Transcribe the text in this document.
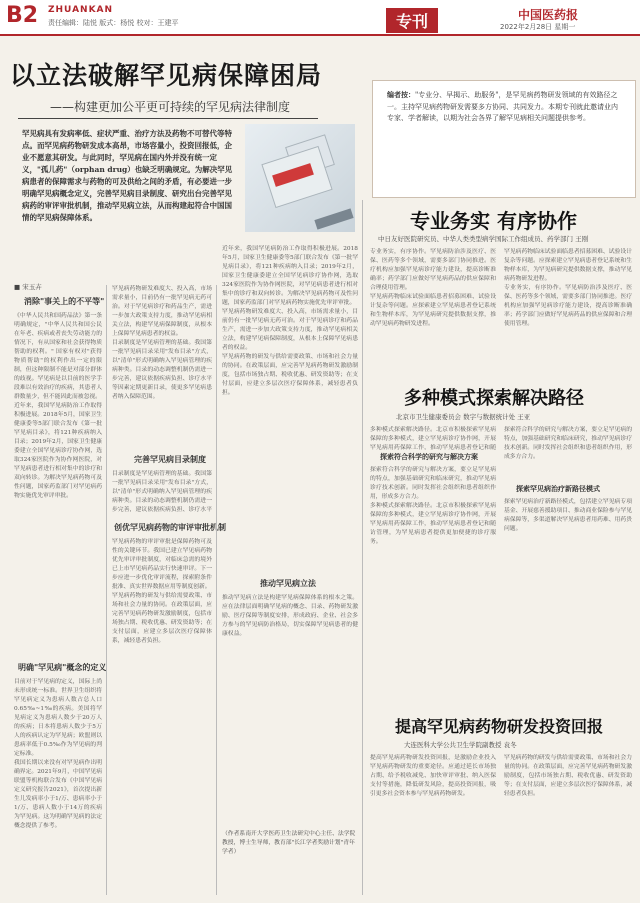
B2 ZHUANKAN
责任编辑：陆悦 版式：杨悦 校对：王建平	专刊	中国医药报
2022年2月28日 星期一
以立法破解罕见病保障困局
——构建更加公平更可持续的罕见病法律制度
罕见病具有发病率低、症状严重、治疗方法及药物不可替代等特点。而罕见病药物研发成本高昂，市场容量小，投资回报低，企业不愿意其研发。与此同时，罕见病在国内外并没有统一定义，"孤儿药"（orphan drug）也缺乏明确规定。为解决罕见病患者的保障需求与药物的可及供给之间的矛盾，有必要进一步明确罕见病概念定义，完善罕见病目录制度、研究出台完善罕见病药的审评审批机制，推动罕见病立法，从而构建起符合中国国情的罕见病保障体系。
编者按："专业分、早揭示、助服务"，是罕见病药物研发领域的有效路径之一。主持罕见病药物研发需要多方协同、共同发力。本期专刊就此邀请业内专家、学者解读，以期为社会各界了解罕见病相关问题提供参考。
■ 宋玉卉
消除"事关上的不平等"
《中华人民共和国药品法》第一条明确规定，"中华人民共和国公民在年老、疾病或者丧失劳动能力的情况下，有从国家和社会获得物质帮助的权利。" 国家有权对"获得物质帮助"的权利作出一定的限制，但这种限制不能是对部分群体的歧视。罕见病是以目前的医学手段难以有效治疗的疾病，其患者人群数量少，但不能因此而被忽视。
近年来，我国罕见病防治工作取得积极进展。2018年5月，国家卫生健康委等5部门联合发布《第一批罕见病目录》，将121种疾病纳入目录；2019年2月，国家卫生健康委建立全国罕见病诊疗协作网，选取324家医院作为协作网医院，对罕见病患者进行相对集中的诊疗和双向转诊。为解决罕见病药物可及性问题，国家药监部门对罕见病药物实施优先审评审批。
明确"罕见病"概念的定义
目前对于罕见病的定义，国际上尚未形成统一标准。世界卫生组织将罕见病定义为患病人数占总人口0.65‰~1‰的疾病。美国将罕见病定义为患病人数少于20万人的疾病；日本将患病人数少于5万人的疾病认定为罕见病；欧盟则以患病率低于0.5‰作为罕见病的判定标准。
我国长期以来没有对罕见病作出明确界定。2021年9月，中国罕见病联盟等机构联合发布《中国罕见病定义研究报告2021》，首次提出新生儿发病率小于1/万、患病率小于1/万、患病人数小于14万的疾病为罕见病。这为明确罕见病的法定概念提供了参考。
罕见病药物研发难度大、投入高，市场需求量小，目前仍有一批罕见病无药可治。对于罕见病诊疗和药品生产，需进一步加大政策支持力度，推动罕见病相关立法，构建罕见病保障制度，从根本上保障罕见病患者的权益。
目录制度是罕见病管理的基础。我国第一批罕见病目录采用"发布目录"方式，以"清单"形式明确纳入罕见病管理的疾病种类。目录的动态调整机制仍需进一步完善，建议依据疾病负担、诊疗水平等因素定期更新目录，使更多罕见病患者纳入保障范围。
完善罕见病目录制度
目录制度是罕见病管理的基础。我国第一批罕见病目录采用"发布目录"方式，以"清单"形式明确纳入罕见病管理的疾病种类。目录的动态调整机制仍需进一步完善，建议依据疾病负担、诊疗水平
创优罕见病药物的审评审批机制
罕见病药物的审评审批是保障药物可及性的关键环节。我国已建立罕见病药物优先审评审批制度，对临床急需的境外已上市罕见病药品实行快速审评。下一步应进一步优化审评流程，探索附条件批准、真实世界数据应用等制度创新。
罕见病药物的研发与供给需要政策、市场和社会力量的协同。在政策层面，应完善罕见病药物研发激励制度，包括市场独占期、税收优惠、研发资助等；在支付层面，应建立多层次医疗保障体系，减轻患者负担。
近年来，我国罕见病防治工作取得积极进展。2018年5月，国家卫生健康委等5部门联合发布《第一批罕见病目录》，将121种疾病纳入目录；2019年2月，国家卫生健康委建立全国罕见病诊疗协作网，选取324家医院作为协作网医院，对罕见病患者进行相对集中的诊疗和双向转诊。为解决罕见病药物可及性问题，国家药监部门对罕见病药物实施优先审评审批。
罕见病药物研发难度大、投入高，市场需求量小，目前仍有一批罕见病无药可治。对于罕见病诊疗和药品生产，需进一步加大政策支持力度，推动罕见病相关立法，构建罕见病保障制度，从根本上保障罕见病患者的权益。
罕见病药物的研发与供给需要政策、市场和社会力量的协同。在政策层面，应完善罕见病药物研发激励制度，包括市场独占期、税收优惠、研发资助等；在支付层面，应建立多层次医疗保障体系，减轻患者负担。
推动罕见病立法
推动罕见病立法是构建罕见病保障体系的根本之策。应在法律层面明确罕见病的概念、目录、药物研发激励、医疗保障等制度安排，形成政府、企业、社会多方参与的罕见病防治格局，切实保障罕见病患者的健康权益。
（作者系南开大学医药卫生法研究中心主任、法学院教授，博士生导师，教育部"长江学者奖励计划"青年学者）
专业务实 有序协作
中日友好医院研究员、中华人类类型病学国际工作组成员、药学部门 王刚
专业务实，有序协作。罕见病防治涉及医疗、医保、医药等多个领域，需要多部门协同推进。医疗机构应加强罕见病诊疗能力建设，提高诊断准确率；药学部门应做好罕见病药品的供应保障和合理使用管理。
罕见病药物临床试验面临患者招募困难、试验设计复杂等问题。应探索建立罕见病患者登记系统和生物样本库，为罕见病研究提供数据支撑，推动罕见病药物研发进程。
罕见病药物临床试验面临患者招募困难、试验设计复杂等问题。应探索建立罕见病患者登记系统和生物样本库，为罕见病研究提供数据支撑，推动罕见病药物研发进程。
专业务实，有序协作。罕见病防治涉及医疗、医保、医药等多个领域，需要多部门协同推进。医疗机构应加强罕见病诊疗能力建设，提高诊断准确率；药学部门应做好罕见病药品的供应保障和合理使用管理。
多种模式探索解决路径
北京市卫生健康委员会 数字与数据统计处 王亚
多种模式探索解决路径。北京市积极探索罕见病保障的多种模式，建立罕见病诊疗协作网，开展罕见病用药保障工作，推动罕见病患者登记和随
探索符合科学的研究与解决方案
探索符合科学的研究与解决方案，要立足罕见病的特点，加强基础研究和临床研究，推动罕见病诊疗技术创新。同时发挥社会组织和患者组织作用，形成多方合力。
多种模式探索解决路径。北京市积极探索罕见病保障的多种模式，建立罕见病诊疗协作网，开展罕见病用药保障工作，推动罕见病患者登记和随访管理，为罕见病患者提供更加便捷的诊疗服务。
探索符合科学的研究与解决方案，要立足罕见病的特点，加强基础研究和临床研究，推动罕见病诊疗技术创新。同时发挥社会组织和患者组织作用，形成多方合力。
探索罕见病治疗新路径模式
探索罕见病治疗新路径模式，包括建立罕见病专项基金、开展慈善援助项目、推动商业保险参与罕见病保障等，多渠道解决罕见病患者用药难、用药贵问题。
提高罕见病药物研发投资回报
大连医科大学公共卫生学院副教授 袁冬
提高罕见病药物研发投资回报，是激励企业投入罕见病药物研发的重要途径。应通过延长市场独占期、给予税收减免、加快审评审批、纳入医保支付等措施，降低研发风险，提高投资回报，吸引更多社会资本参与罕见病药物研发。
罕见病药物的研发与供给需要政策、市场和社会力量的协同。在政策层面，应完善罕见病药物研发激励制度，包括市场独占期、税收优惠、研发资助等；在支付层面，应建立多层次医疗保障体系，减轻患者负担。
